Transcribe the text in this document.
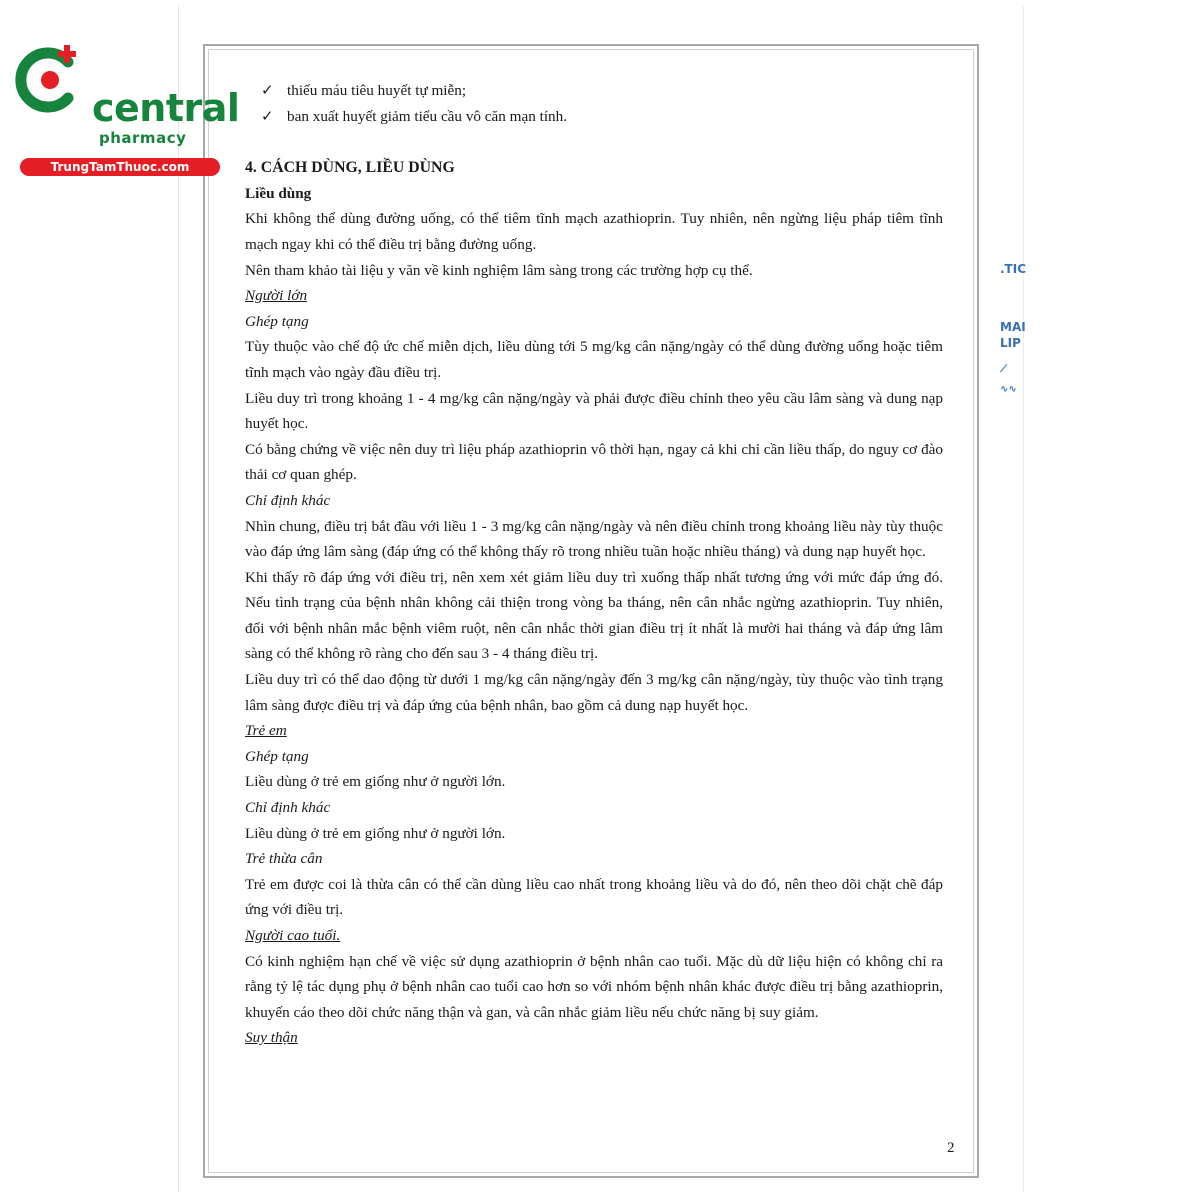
central
pharmacy
TrungTamThuoc.com
.TIC
MAI
LIP
⟋
∿∿
✓ thiếu máu tiêu huyết tự miễn;
✓ ban xuất huyết giảm tiểu cầu vô căn mạn tính.
4. CÁCH DÙNG, LIỀU DÙNG
Liều dùng
Khi không thể dùng đường uống, có thể tiêm tĩnh mạch azathioprin. Tuy nhiên, nên ngừng liệu pháp tiêm tĩnh mạch ngay khi có thể điều trị bằng đường uống.
Nên tham khảo tài liệu y văn về kinh nghiệm lâm sàng trong các trường hợp cụ thể.
Người lớn
Ghép tạng
Tùy thuộc vào chế độ ức chế miễn dịch, liều dùng tới 5 mg/kg cân nặng/ngày có thể dùng đường uống hoặc tiêm tĩnh mạch vào ngày đầu điều trị.
Liều duy trì trong khoảng 1 - 4 mg/kg cân nặng/ngày và phải được điều chỉnh theo yêu cầu lâm sàng và dung nạp huyết học.
Có bằng chứng về việc nên duy trì liệu pháp azathioprin vô thời hạn, ngay cả khi chỉ cần liều thấp, do nguy cơ đào thải cơ quan ghép.
Chỉ định khác
Nhìn chung, điều trị bắt đầu với liều 1 - 3 mg/kg cân nặng/ngày và nên điều chỉnh trong khoảng liều này tùy thuộc vào đáp ứng lâm sàng (đáp ứng có thể không thấy rõ trong nhiều tuần hoặc nhiều tháng) và dung nạp huyết học.
Khi thấy rõ đáp ứng với điều trị, nên xem xét giảm liều duy trì xuống thấp nhất tương ứng với mức đáp ứng đó. Nếu tình trạng của bệnh nhân không cải thiện trong vòng ba tháng, nên cân nhắc ngừng azathioprin. Tuy nhiên, đối với bệnh nhân mắc bệnh viêm ruột, nên cân nhắc thời gian điều trị ít nhất là mười hai tháng và đáp ứng lâm sàng có thể không rõ ràng cho đến sau 3 - 4 tháng điều trị.
Liều duy trì có thể dao động từ dưới 1 mg/kg cân nặng/ngày đến 3 mg/kg cân nặng/ngày, tùy thuộc vào tình trạng lâm sàng được điều trị và đáp ứng của bệnh nhân, bao gồm cả dung nạp huyết học.
Trẻ em
Ghép tạng
Liều dùng ở trẻ em giống như ở người lớn.
Chỉ định khác
Liều dùng ở trẻ em giống như ở người lớn.
Trẻ thừa cân
Trẻ em được coi là thừa cân có thể cần dùng liều cao nhất trong khoảng liều và do đó, nên theo dõi chặt chẽ đáp ứng với điều trị.
Người cao tuổi.
Có kinh nghiệm hạn chế về việc sử dụng azathioprin ở bệnh nhân cao tuổi. Mặc dù dữ liệu hiện có không chỉ ra rằng tỷ lệ tác dụng phụ ở bệnh nhân cao tuổi cao hơn so với nhóm bệnh nhân khác được điều trị bằng azathioprin, khuyến cáo theo dõi chức năng thận và gan, và cân nhắc giảm liều nếu chức năng bị suy giảm.
Suy thận
2
